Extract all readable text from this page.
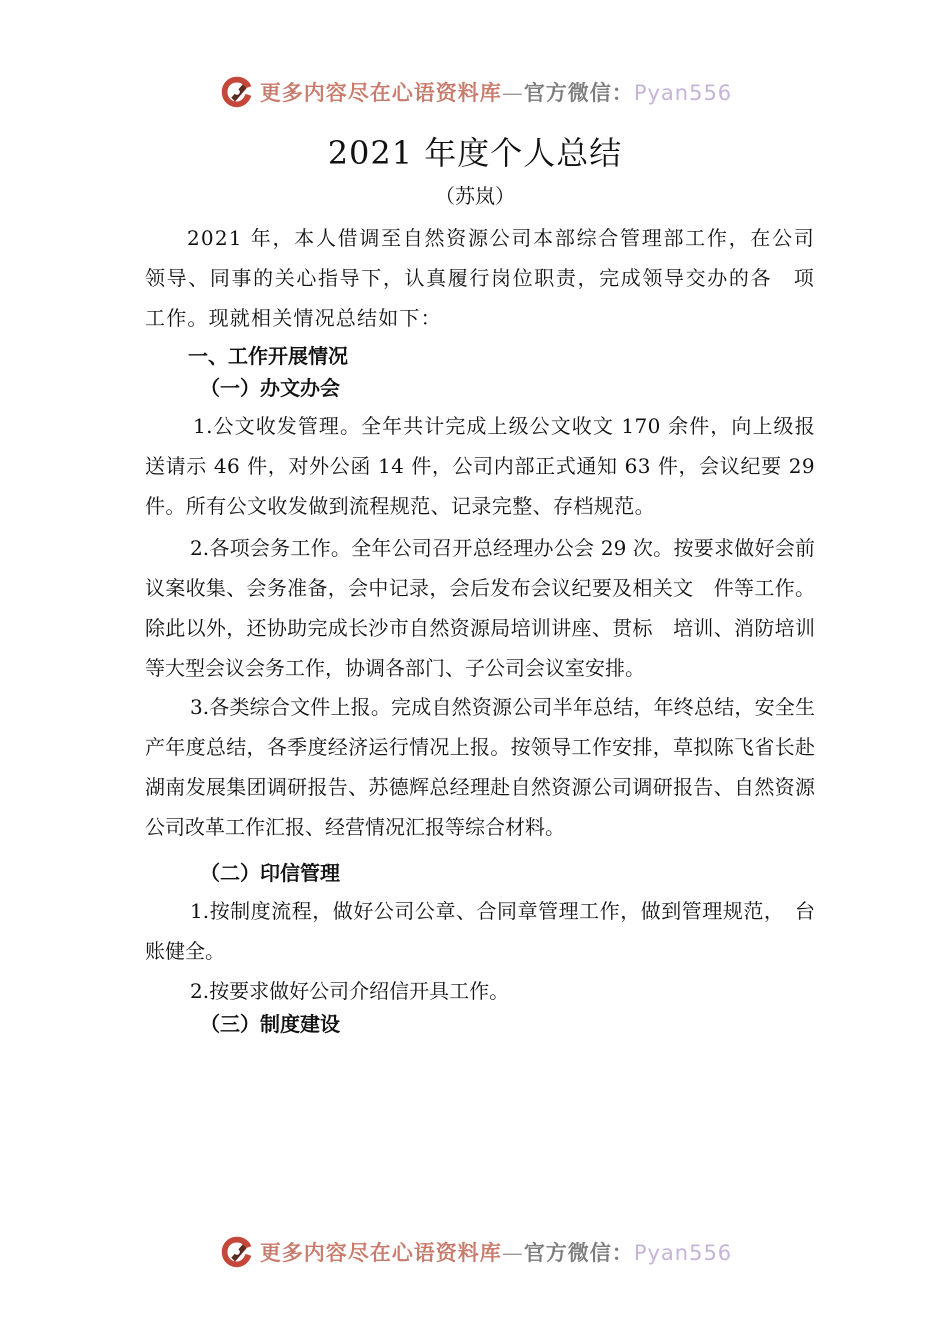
更多内容尽在心语资料库—官方微信：Pyan556
2021 年度个人总结
（苏岚）
2021 年，本人借调至自然资源公司本部综合管理部工作，在公司领导、同事的关心指导下，认真履行岗位职责，完成领导交办的各　项工作。现就相关情况总结如下：
一、工作开展情况
（一）办文办会
1.公文收发管理。全年共计完成上级公文收文 170 余件，向上级报送请示 46 件，对外公函 14 件，公司内部正式通知 63 件，会议纪要 29 件。所有公文收发做到流程规范、记录完整、存档规范。
2.各项会务工作。全年公司召开总经理办公会 29 次。按要求做好会前议案收集、会务准备，会中记录，会后发布会议纪要及相关文　件等工作。除此以外，还协助完成长沙市自然资源局培训讲座、贯标　培训、消防培训等大型会议会务工作，协调各部门、子公司会议室安排。
3.各类综合文件上报。完成自然资源公司半年总结，年终总结，安全生产年度总结，各季度经济运行情况上报。按领导工作安排，草拟陈飞省长赴湖南发展集团调研报告、苏德辉总经理赴自然资源公司调研报告、自然资源公司改革工作汇报、经营情况汇报等综合材料。
（二）印信管理
1.按制度流程，做好公司公章、合同章管理工作，做到管理规范，　台账健全。
2.按要求做好公司介绍信开具工作。
（三）制度建设
更多内容尽在心语资料库—官方微信：Pyan556
